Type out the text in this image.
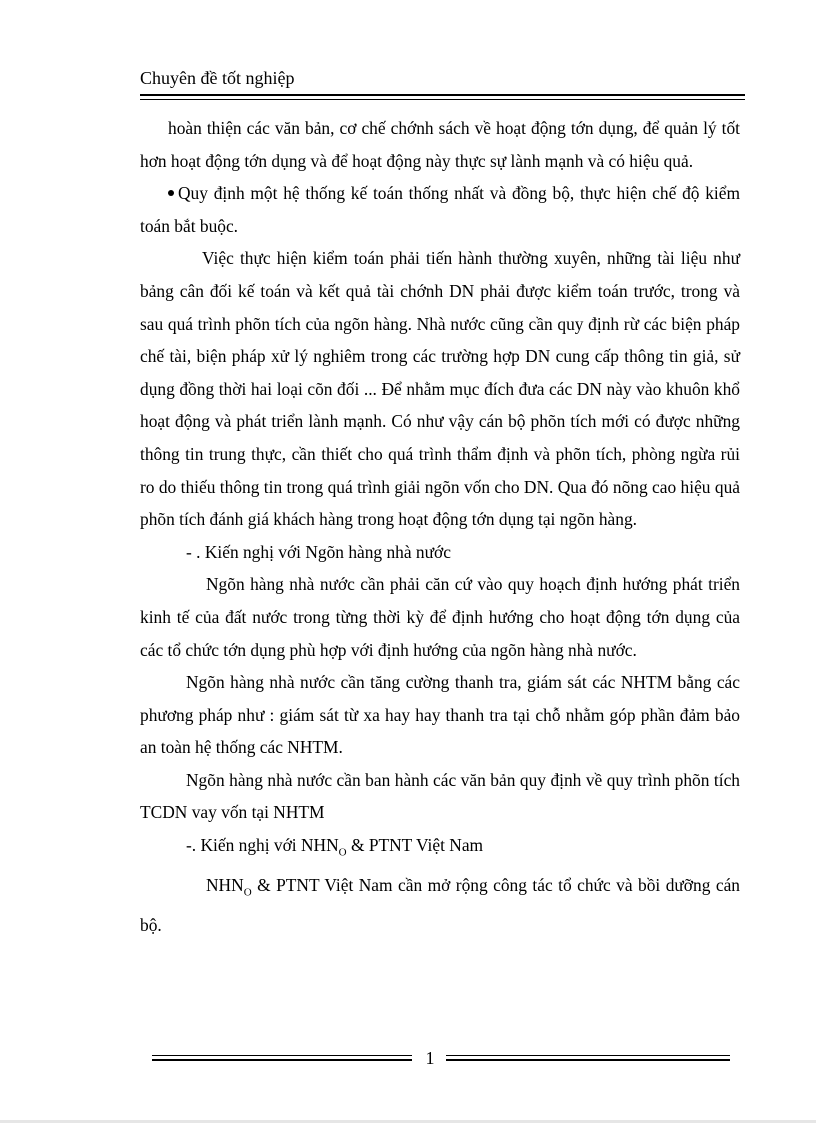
Chuyên đề tốt nghiệp

hoàn thiện các văn bản, cơ chế chớnh sách về hoạt động tớn dụng, để quản lý tốt hơn hoạt động tớn dụng và để hoạt động này thực sự lành mạnh và có hiệu quả.

Quy định một hệ thống kế toán thống nhất và đồng bộ, thực hiện chế độ kiểm toán bắt buộc.

Việc thực hiện kiểm toán phải tiến hành thường xuyên, những tài liệu như bảng cân đối kế toán và kết quả tài chớnh DN phải được kiểm toán trước, trong và sau quá trình phõn tích của ngõn hàng. Nhà nước cũng cần quy định rừ các biện pháp chế tài, biện pháp xử lý nghiêm trong các trường hợp DN cung cấp thông tin giả, sử dụng đồng thời hai loại cõn đối ... Để nhằm mục đích đưa các DN này vào khuôn khổ hoạt động và phát triển lành mạnh. Có như vậy cán bộ phõn tích mới có được những thông tin trung thực, cần thiết cho quá trình thẩm định và phõn tích, phòng ngừa rủi ro do thiếu thông tin trong quá trình giải ngõn vốn cho DN. Qua đó nõng cao hiệu quả phõn tích đánh giá khách hàng trong hoạt động tớn dụng tại ngõn hàng.

- . Kiến nghị với Ngõn hàng nhà nước

Ngõn hàng nhà nước cần phải căn cứ vào quy hoạch định hướng phát triển kinh tế của đất nước trong từng thời kỳ để định hướng cho hoạt động tớn dụng của các tổ chức tớn dụng phù hợp với định hướng của ngõn hàng nhà nước.

Ngõn hàng nhà nước cần tăng cường thanh tra, giám sát các NHTM bằng các phương pháp như : giám sát từ xa hay hay thanh tra tại chỗ nhằm góp phần đảm bảo an toàn hệ thống các NHTM.

Ngõn hàng nhà nước cần ban hành các văn bản quy định về quy trình phõn tích TCDN vay vốn tại NHTM

-. Kiến nghị với $NHN_O$ & PTNT Việt Nam

$NHN_O$ & PTNT Việt Nam cần mở rộng công tác tổ chức và bồi dưỡng cán bộ.

1
